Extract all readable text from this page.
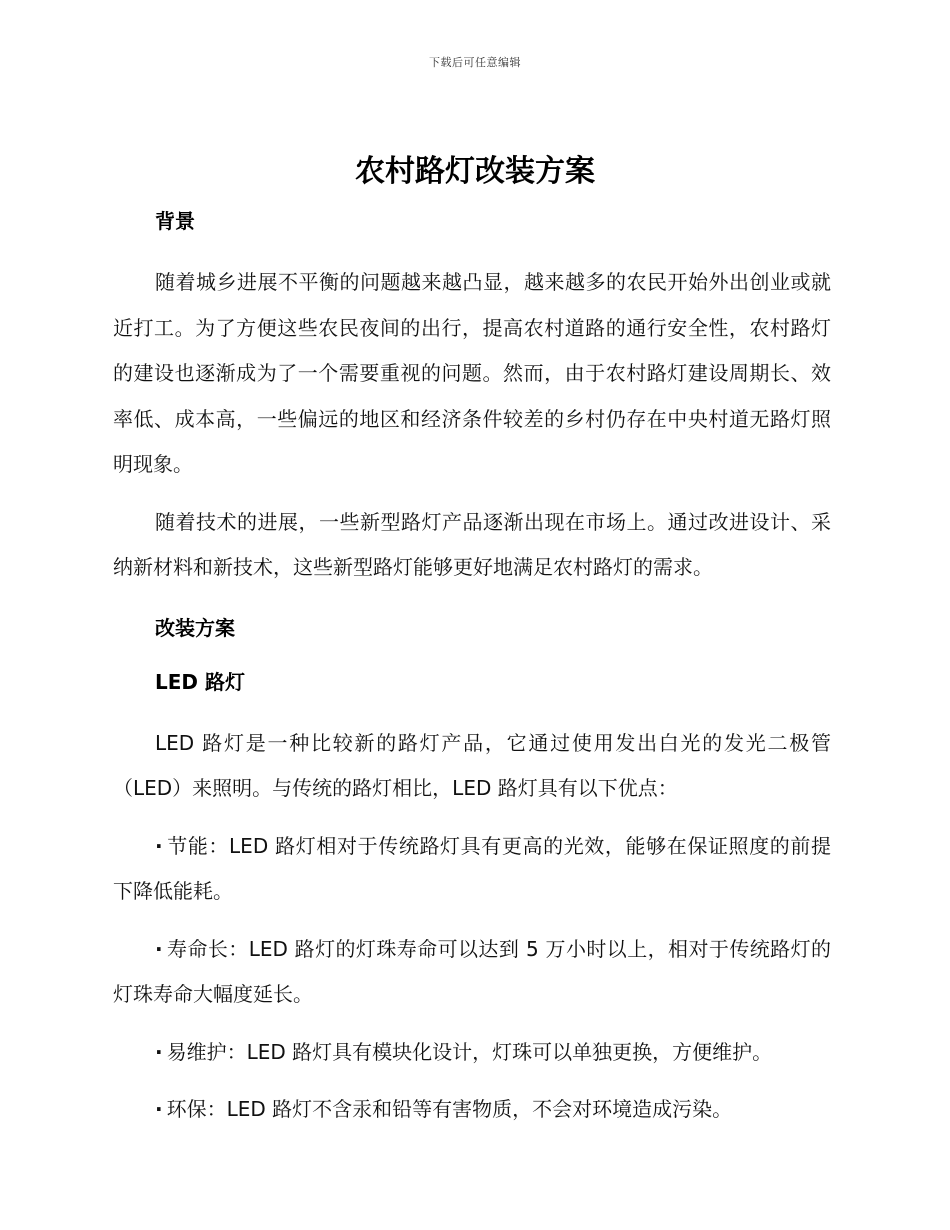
下载后可任意编辑
农村路灯改装方案
背景

随着城乡进展不平衡的问题越来越凸显，越来越多的农民开始外出创业或就近打工。为了方便这些农民夜间的出行，提高农村道路的通行安全性，农村路灯的建设也逐渐成为了一个需要重视的问题。然而，由于农村路灯建设周期长、效率低、成本高，一些偏远的地区和经济条件较差的乡村仍存在中央村道无路灯照明现象。

随着技术的进展，一些新型路灯产品逐渐出现在市场上。通过改进设计、采纳新材料和新技术，这些新型路灯能够更好地满足农村路灯的需求。

改装方案
LED 路灯

LED 路灯是一种比较新的路灯产品，它通过使用发出白光的发光二极管（LED）来照明。与传统的路灯相比，LED 路灯具有以下优点：

· 节能：LED 路灯相对于传统路灯具有更高的光效，能够在保证照度的前提下降低能耗。

· 寿命长：LED 路灯的灯珠寿命可以达到 5 万小时以上，相对于传统路灯的灯珠寿命大幅度延长。

· 易维护：LED 路灯具有模块化设计，灯珠可以单独更换，方便维护。

· 环保：LED 路灯不含汞和铅等有害物质，不会对环境造成污染。
